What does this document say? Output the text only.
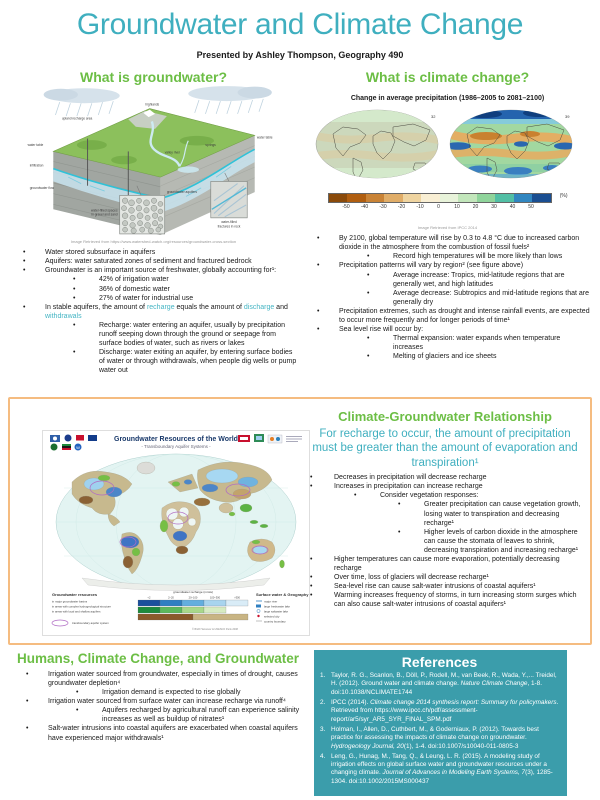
Groundwater and Climate Change
Presented by Ashley Thompson, Geography 490
What is groundwater?
water table
water table
infiltration
groundwater flow
upland recharge area
highlands
springs
valley river
groundwater aquifers
water-filled spaces
in gravel and sand
water-filled
fractures in rock
Image Retrieved from https://www.watershed-watch.org/resources/groundwater-cross-section
•	Water stored subsurface in aquifers
•	Aquifers: water saturated zones of sediment and fractured bedrock
•	Groundwater is an important source of freshwater, globally accounting for¹:
•	42% of irrigation water
•	36% of domestic water
•	27% of water for industrial use
•	In stable aquifers, the amount of recharge equals the amount of discharge and withdrawals
•	Recharge: water entering an aquifer, usually by precipitation runoff seeping down through the ground or seepage from surface bodies of water, such as rivers or lakes
•	Discharge: water exiting an aquifer, by entering surface bodies of water or through withdrawals, when people dig wells or pump water out
What is climate change?
Change in average precipitation (1986–2005 to 2081–2100)
32	39
(%)
-50 -40 -30 -20 -10	0	10	20	30	40	50
Image Retrieved from IPCC 2014
•	By 2100, global temperature will rise by 0.3 to 4.8 °C due to increased carbon dioxide in the atmosphere from the combustion of fossil fuels²
•	Record high temperatures will be more likely than lows
•	Precipitation patterns will vary by region² (see figure above)
•	Average increase: Tropics, mid-latitude regions that are generally wet, and high latitudes
•	Average decrease: Subtropics and mid-latitude regions that are generally dry
•	Precipitation extremes, such as drought and intense rainfall events, are expected to occur more frequently and for longer periods of time¹
•	Sea level rise will occur by:
•	Thermal expansion: water expands when temperature increases
•	Melting of glaciers and ice sheets
Groundwater Resources of the World
- Transboundary Aquifer Systems -
W
Groundwater resources
in major groundwater basins
in areas with complex hydrogeological structure
in areas with local and shallow aquifers
groundwater recharge (mm/a)
<2	2–20	20–100	100–300	>300
Surface water & Geography
major river
large freshwater lake
large saltwater lake
selected city
country boundary
transboundary aquifer system
© BGR Hannover & UNESCO Paris 2008
Climate-Groundwater Relationship
For recharge to occur, the amount of precipitation must be greater than the amount of evaporation and transpiration¹
•	Decreases in precipitation will decrease recharge
•	Increases in precipitation can increase recharge
•	Consider vegetation responses:
•	Greater precipitation can cause vegetation growth, losing water to transpiration and decreasing recharge¹
•	Higher levels of carbon dioxide in the atmosphere can cause the stomata of leaves to shrink, decreasing transpiration and increasing recharge¹
•	Higher temperatures can cause more evaporation, potentially decreasing recharge
•	Over time, loss of glaciers will decrease recharge¹
•	Sea-level rise can cause salt-water intrusions of coastal aquifers¹
•	Warming increases frequency of storms, in turn increasing storm surges which can also cause salt-water intrusions of coastal aquifers¹
Humans, Climate Change, and Groundwater
•	Irrigation water sourced from groundwater, especially in times of drought, causes groundwater depletion⁴
•	Irrigation demand is expected to rise globally
•	Irrigation water sourced from surface water can increase recharge via runoff⁴
•	Aquifers recharged by agricultural runoff can experience salinity increases as well as buildup of nitrates¹
•	Salt-water intrusions into coastal aquifers are exacerbated when coastal aquifers have experienced major withdrawals¹
References
1. Taylor, R. G., Scanlon, B., Döll, P., Rodell, M., van Beek, R., Wada, Y.,... Treidel, H. (2012). Ground water and climate change. Nature Climate Change, 1-8. doi:10.1038/NCLIMATE1744
2. IPCC (2014). Climate change 2014 synthesis report: Summary for policymakers. Retrieved from https://www.ipcc.ch/pdf/assessment-report/ar5/syr_AR5_SYR_FINAL_SPM.pdf
3. Holman, I., Allen, D., Cuthbert, M., & Goderniaux, P. (2012). Towards best practice for assessing the impacts of climate change on groundwater. Hydrogeology Journal, 20(1), 1-4. doi:10.1007/s10040-011-0805-3
4. Leng, G., Hunag, M., Tang, Q., & Leung, L. R. (2015). A modeling study of irrigation effects on global surface water and groundwater resources under a changing climate. Journal of Advances in Modeling Earth Systems, 7(3), 1285-1304. doi:10.1002/2015MS000437
